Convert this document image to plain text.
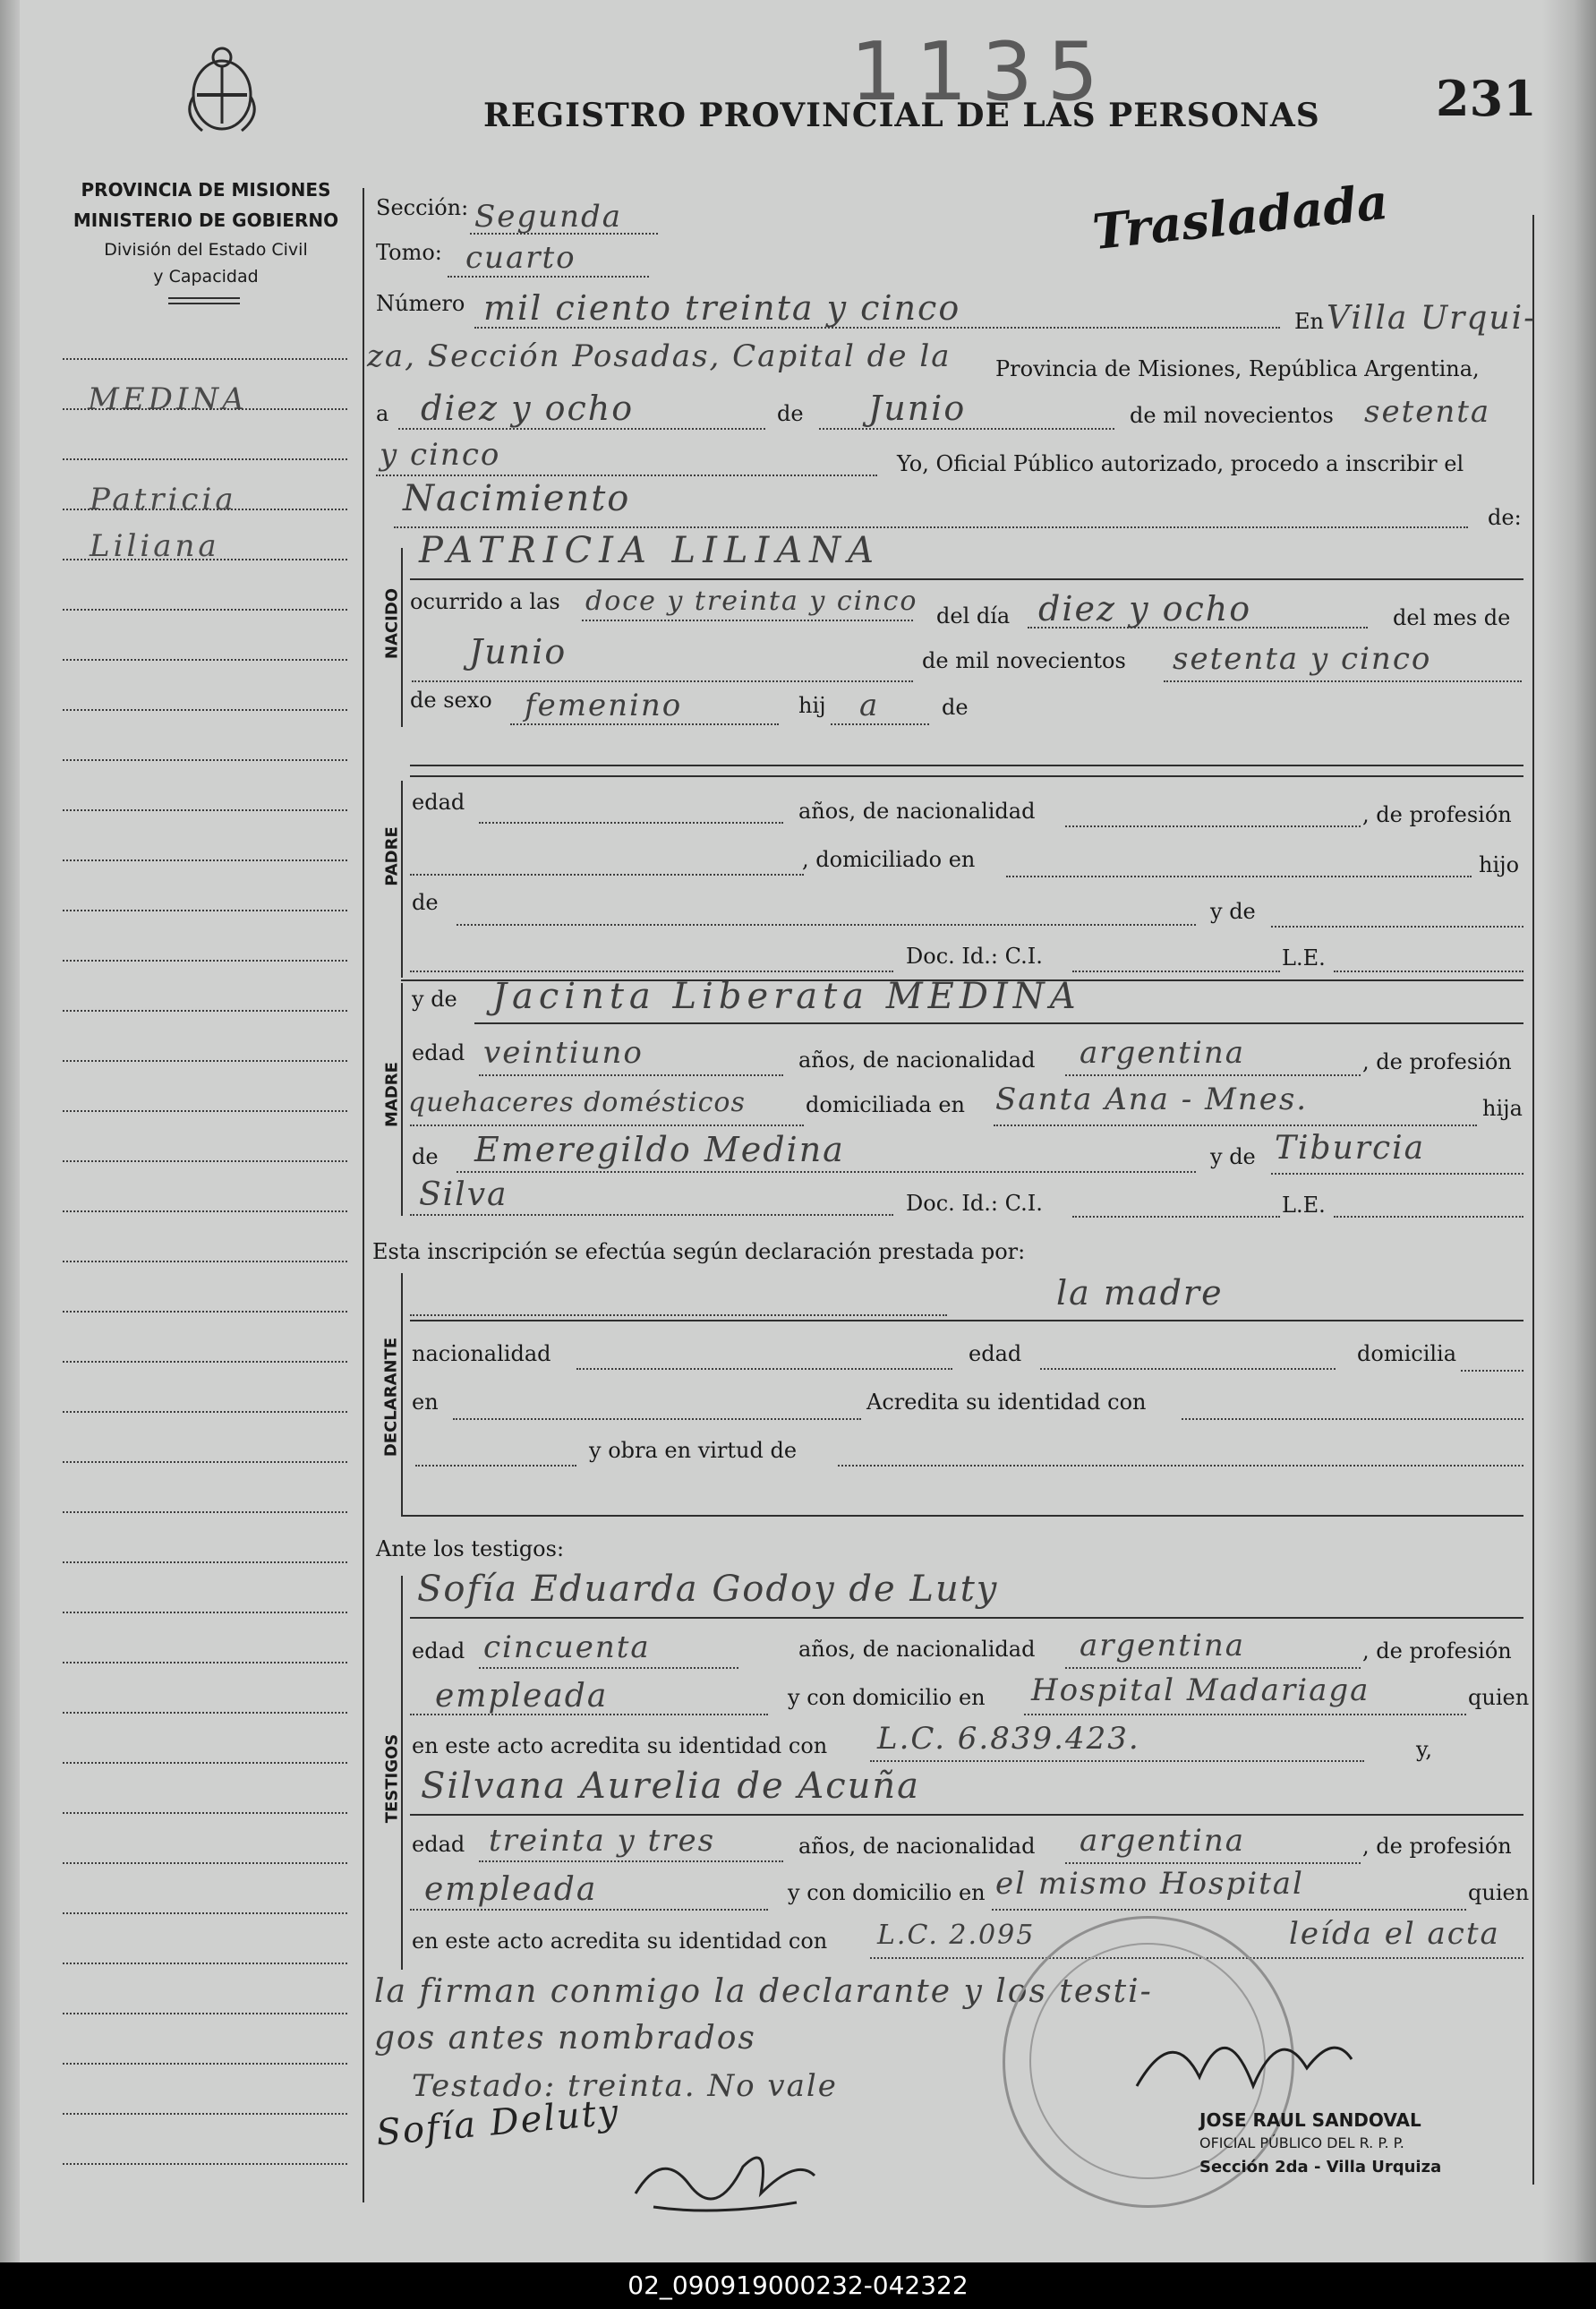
PROVINCIA DE MISIONES
MINISTERIO DE GOBIERNO
División del Estado Civil
y Capacidad
1135
REGISTRO PROVINCIAL DE LAS PERSONAS 231
Trasladada
MEDINA
Patricia
Liliana
Sección: Segunda
Tomo: cuarto
Número mil ciento treinta y cinco	En Villa Urqui-
za, Sección Posadas, Capital de la Provincia de Misiones, República Argentina,
a diez y ocho	de Junio	de mil novecientos setenta
y cinco	Yo, Oficial Público autorizado, procedo a inscribir el
Nacimiento	de:
NACIDO
PATRICIA LILIANA
ocurrido a las doce y treinta y cinco del día diez y ocho	del mes de
Junio	de mil novecientos setenta y cinco
de sexo femenino	hij a	de
PADRE
edad	años, de nacionalidad	, de profesión
, domiciliado en	hijo
de	y de
Doc. Id.: C.I.	L.E.
MADRE
y de Jacinta Liberata MEDINA
edad veintiuno	años, de nacionalidad argentina	, de profesión
quehaceres domésticos	domiciliada en Santa Ana - Mnes.	hija
de Emeregildo Medina	y de Tiburcia
Silva	Doc. Id.: C.I.	L.E.
Esta inscripción se efectúa según declaración prestada por:
DECLARANTE
la madre
nacionalidad	edad	domicilia
en	Acredita su identidad con
y obra en virtud de
Ante los testigos:
TESTIGOS
Sofía Eduarda Godoy de Luty
edad cincuenta	años, de nacionalidad argentina	, de profesión
empleada	y con domicilio en Hospital Madariaga	quien
en este acto acredita su identidad con L.C. 6.839.423.	y,
Silvana Aurelia de Acuña
edad treinta y tres	años, de nacionalidad argentina	, de profesión
empleada	y con domicilio en el mismo Hospital	quien
en este acto acredita su identidad con L.C. 2.095	leída el acta
la firman conmigo la declarante y los testi-
gos antes nombrados
Testado: treinta. No vale
JOSE RAUL SANDOVAL
OFICIAL PÚBLICO DEL R. P. P.
Sección 2da - Villa Urquiza
Sofía Deluty
02_090919000232-042322
